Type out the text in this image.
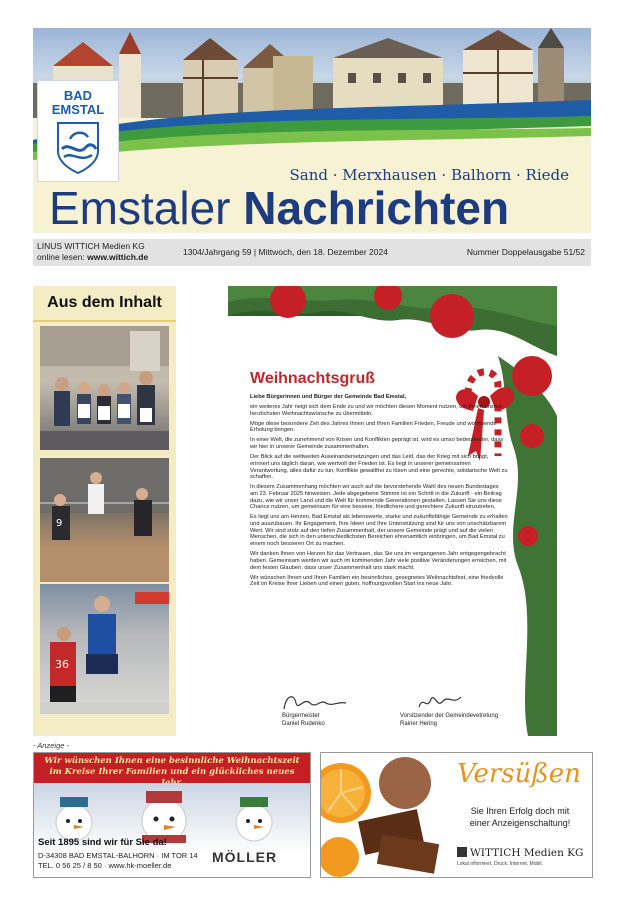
BAD
EMSTAL
Sand · Merxhausen · Balhorn · Riede
Emstaler Nachrichten
LINUS WITTICH Medien KG
online lesen: www.wittich.de	1304/Jahrgang 59 | Mittwoch, den 18. Dezember 2024	Nummer Doppelausgabe 51/52
Aus dem Inhalt
9
36
Weihnachtsgruß

Liebe Bürgerinnen und Bürger der Gemeinde Bad Emstal,

ein weiteres Jahr neigt sich dem Ende zu und wir möchten diesen Moment nutzen, um Ihnen unsere herzlichsten Weihnachtswünsche zu übermitteln.

Möge diese besondere Zeit des Jahres Ihnen und Ihren Familien Frieden, Freude und wohltuende Erholung bringen.

In einer Welt, die zunehmend von Krisen und Konflikten geprägt ist, wird es umso bedeutender, dass wir hier in unserer Gemeinde zusammenhalten.

Der Blick auf die weltweiten Auseinandersetzungen und das Leid, das der Krieg mit sich bringt, erinnert uns täglich daran, wie wertvoll der Frieden ist. Es liegt in unserer gemeinsamen Verantwortung, alles dafür zu tun, Konflikte gewaltfrei zu lösen und eine gerechte, solidarische Welt zu schaffen.

In diesem Zusammenhang möchten wir auch auf die bevorstehende Wahl des neuen Bundestages am 23. Februar 2025 hinweisen. Jede abgegebene Stimme ist ein Schritt in die Zukunft - ein Beitrag dazu, wie wir unser Land und die Welt für kommende Generationen gestalten. Lassen Sie uns diese Chance nutzen, um gemeinsam für eine bessere, friedlichere und gerechtere Zukunft einzutreten.

Es liegt uns am Herzen, Bad Emstal als lebenswerte, starke und zukunftsfähige Gemeinde zu erhalten und auszubauen. Ihr Engagement, Ihre Ideen und Ihre Unterstützung sind für uns von unschätzbarem Wert. Wir sind stolz auf den tiefen Zusammenhalt, der unsere Gemeinde prägt und auf die vielen Menschen, die sich in den unterschiedlichsten Bereichen ehrenamtlich einbringen, um Bad Emstal zu einem noch besseren Ort zu machen.

Wir danken Ihnen von Herzen für das Vertrauen, das Sie uns im vergangenen Jahr entgegengebracht haben. Gemeinsam werden wir auch im kommenden Jahr viele positive Veränderungen erreichen, mit dem festen Glauben, dass unser Zusammenhalt uns stark macht.

Wir wünschen Ihnen und Ihren Familien ein besinnliches, gesegnetes Weihnachtsfest, eine friedvolle Zeit im Kreise Ihrer Lieben und einen guten, hoffnungsvollen Start ins neue Jahr.

Bürgermeister
Daniel Rudenko
Vorsitzender der Gemeindevetretung
Rainer Hering
- Anzeige -
Wir wünschen Ihnen eine besinnliche Weihnachtszeit
im Kreise Ihrer Familien und ein glückliches neues
Seit 1895 sind wir für Sie da!
D-34308 BAD EMSTAL-BALHORN · IM TOR 14
TEL. 0 56 25 / 8 50 · www.hk-moeller.de
MÖLLER
Versüßen
Sie Ihren Erfolg doch mit
einer Anzeigenschaltung!
WITTICH Medien KG
Lokal informiert. Druck. Internet. Mobil.
